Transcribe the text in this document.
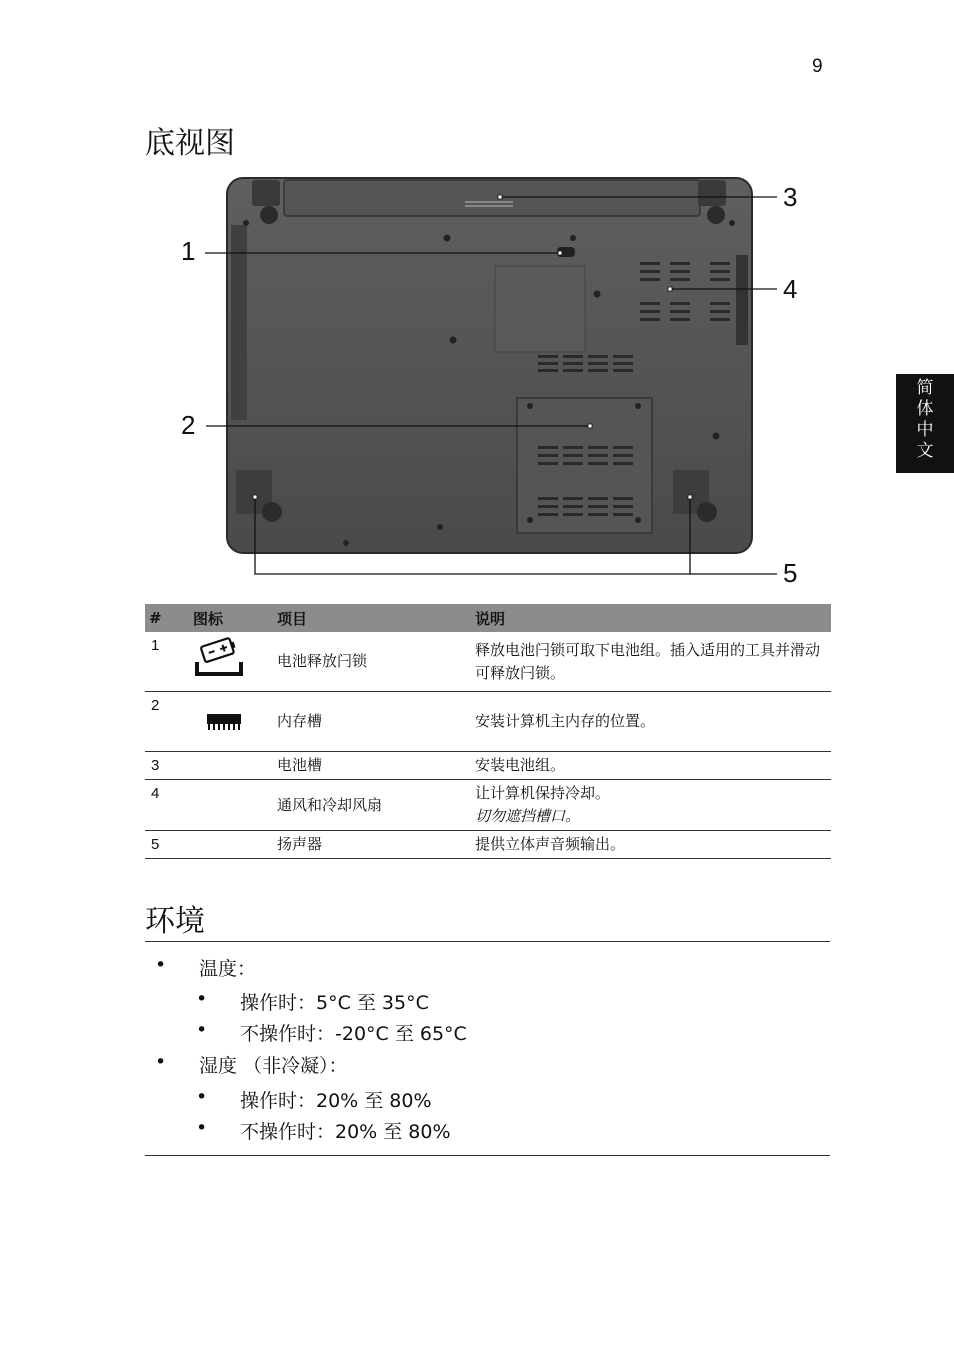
9
底视图
简
体
中
文
1
2
3
4
5
#	图标	项目	说明
1		电池释放闩锁	释放电池闩锁可取下电池组。插入适用的工具并滑动可释放闩锁。
2		内存槽	安装计算机主内存的位置。
3		电池槽	安装电池组。
4		通风和冷却风扇	让计算机保持冷却。
切勿遮挡槽口。

5		扬声器	提供立体声音频输出。
环境
• 温度：
• 操作时：5°C 至 35°C
• 不操作时：-20°C 至 65°C
• 湿度 （非冷凝）：
• 操作时：20% 至 80%
• 不操作时：20% 至 80%
